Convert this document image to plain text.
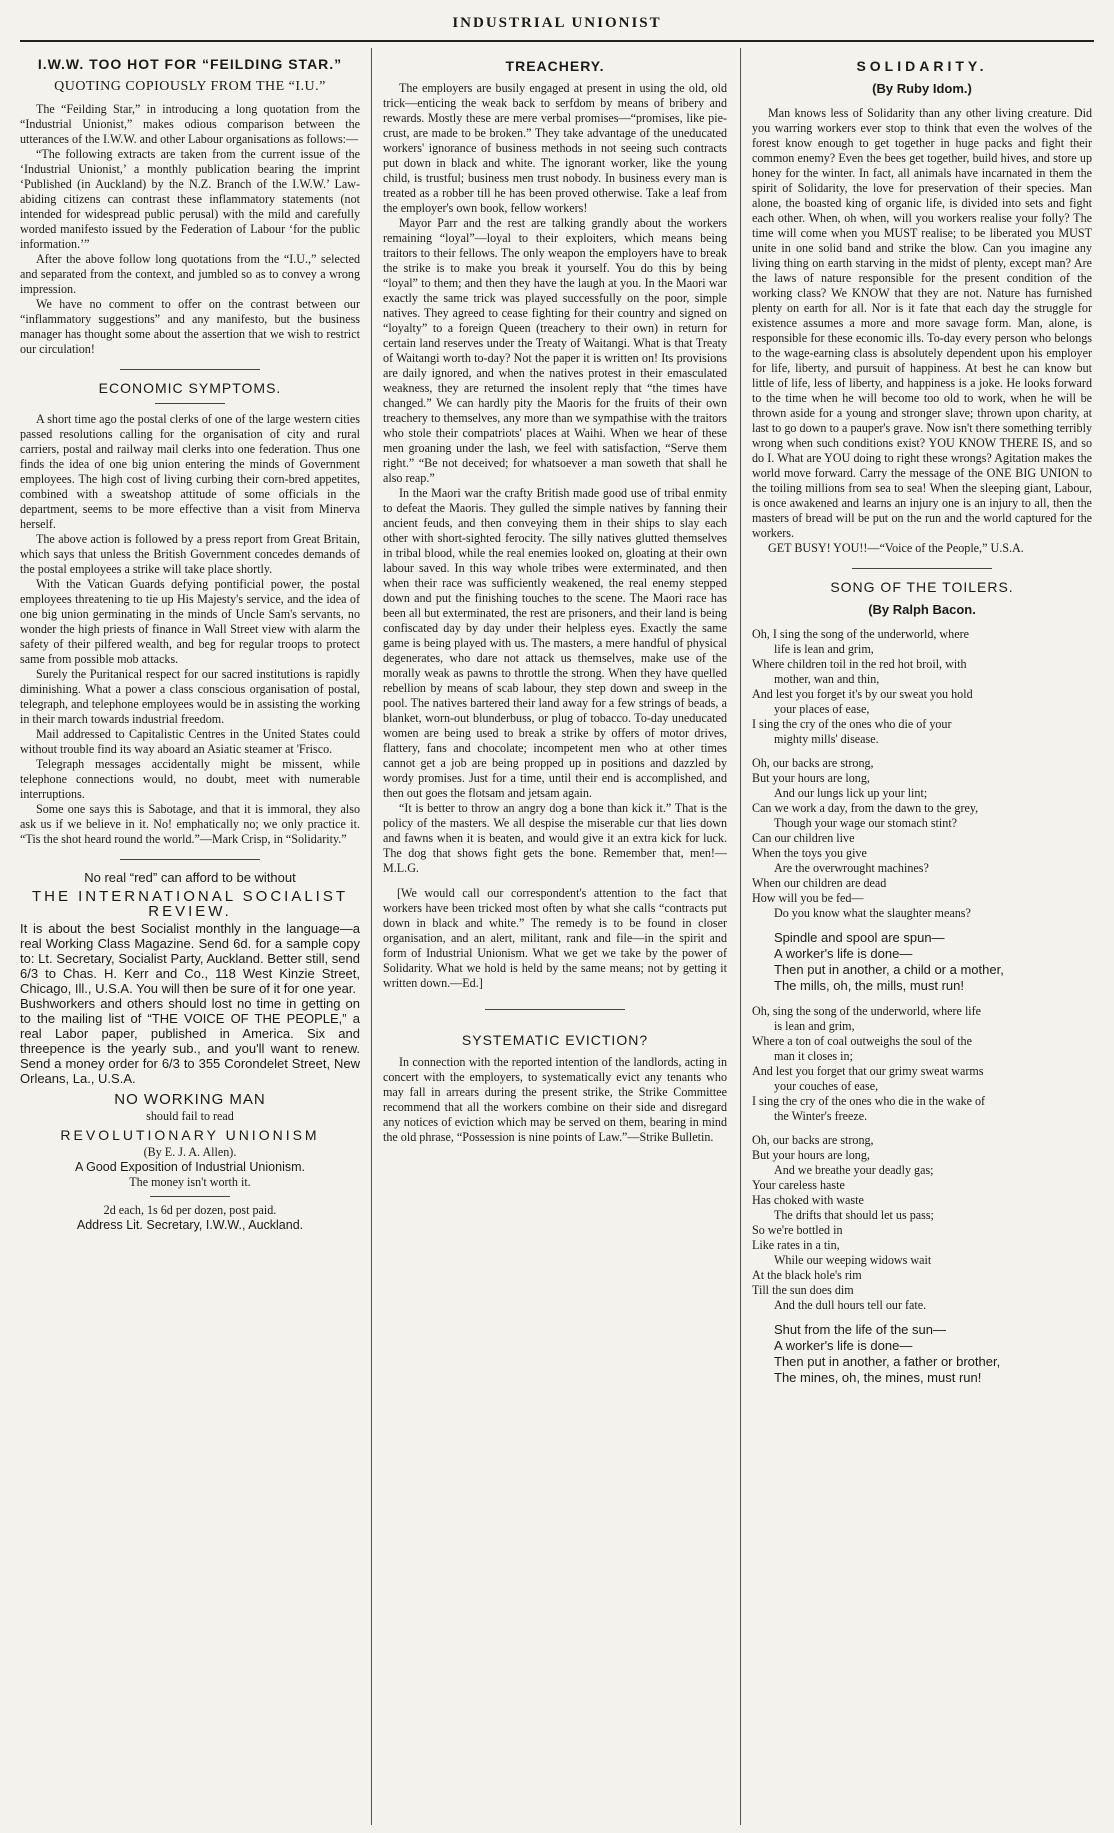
INDUSTRIAL UNIONIST
I.W.W. TOO HOT FOR “FEILDING STAR.”
QUOTING COPIOUSLY FROM THE “I.U.”

The “Feilding Star,” in introducing a long quotation from the “Industrial Unionist,” makes odious comparison between the utterances of the I.W.W. and other Labour organisations as follows:—

“The following extracts are taken from the current issue of the ‘Industrial Unionist,’ a monthly publication bearing the imprint ‘Published (in Auckland) by the N.Z. Branch of the I.W.W.’ Law-abiding citizens can contrast these inflammatory statements (not intended for widespread public perusal) with the mild and carefully worded manifesto issued by the Federation of Labour ‘for the public information.’”

After the above follow long quotations from the “I.U.,” selected and separated from the context, and jumbled so as to convey a wrong impression.

We have no comment to offer on the contrast between our “inflammatory suggestions” and any manifesto, but the business manager has thought some about the assertion that we wish to restrict our circulation!

ECONOMIC SYMPTOMS.

A short time ago the postal clerks of one of the large western cities passed resolutions calling for the organisation of city and rural carriers, postal and railway mail clerks into one federation. Thus one finds the idea of one big union entering the minds of Government employees. The high cost of living curbing their corn-bred appetites, combined with a sweatshop attitude of some officials in the department, seems to be more effective than a visit from Minerva herself.

The above action is followed by a press report from Great Britain, which says that unless the British Government concedes demands of the postal employees a strike will take place shortly.

With the Vatican Guards defying pontificial power, the postal employees threatening to tie up His Majesty's service, and the idea of one big union germinating in the minds of Uncle Sam's servants, no wonder the high priests of finance in Wall Street view with alarm the safety of their pilfered wealth, and beg for regular troops to protect same from possible mob attacks.

Surely the Puritanical respect for our sacred institutions is rapidly diminishing. What a power a class conscious organisation of postal, telegraph, and telephone employees would be in assisting the working in their march towards industrial freedom.

Mail addressed to Capitalistic Centres in the United States could without trouble find its way aboard an Asiatic steamer at 'Frisco.

Telegraph messages accidentally might be missent, while telephone connections would, no doubt, meet with numerable interruptions.

Some one says this is Sabotage, and that it is immoral, they also ask us if we believe in it. No! emphatically no; we only practice it. “Tis the shot heard round the world.”—Mark Crisp, in “Solidarity.”

No real “red” can afford to be without
THE INTERNATIONAL SOCIALIST REVIEW.

It is about the best Socialist monthly in the language—a real Working Class Magazine. Send 6d. for a sample copy to: Lt. Secretary, Socialist Party, Auckland. Better still, send 6/3 to Chas. H. Kerr and Co., 118 West Kinzie Street, Chicago, Ill., U.S.A. You will then be sure of it for one year.

Bushworkers and others should lost no time in getting on to the mailing list of “THE VOICE OF THE PEOPLE,” a real Labor paper, published in America. Six and threepence is the yearly sub., and you'll want to renew. Send a money order for 6/3 to 355 Corondelet Street, New Orleans, La., U.S.A.

NO WORKING MAN
should fail to read
REVOLUTIONARY UNIONISM
(By E. J. A. Allen).
A Good Exposition of Industrial Unionism.
The money isn't worth it.
2d each, 1s 6d per dozen, post paid.
Address Lit. Secretary, I.W.W., Auckland.
TREACHERY.

The employers are busily engaged at present in using the old, old trick—enticing the weak back to serfdom by means of bribery and rewards. Mostly these are mere verbal promises—“promises, like pie-crust, are made to be broken.” They take advantage of the uneducated workers' ignorance of business methods in not seeing such contracts put down in black and white. The ignorant worker, like the young child, is trustful; business men trust nobody. In business every man is treated as a robber till he has been proved otherwise. Take a leaf from the employer's own book, fellow workers!

Mayor Parr and the rest are talking grandly about the workers remaining “loyal”—loyal to their exploiters, which means being traitors to their fellows. The only weapon the employers have to break the strike is to make you break it yourself. You do this by being “loyal” to them; and then they have the laugh at you. In the Maori war exactly the same trick was played successfully on the poor, simple natives. They agreed to cease fighting for their country and signed on “loyalty” to a foreign Queen (treachery to their own) in return for certain land reserves under the Treaty of Waitangi. What is that Treaty of Waitangi worth to-day? Not the paper it is written on! Its provisions are daily ignored, and when the natives protest in their emasculated weakness, they are returned the insolent reply that “the times have changed.” We can hardly pity the Maoris for the fruits of their own treachery to themselves, any more than we sympathise with the traitors who stole their compatriots' places at Waihi. When we hear of these men groaning under the lash, we feel with satisfaction, “Serve them right.” “Be not deceived; for whatsoever a man soweth that shall he also reap.”

In the Maori war the crafty British made good use of tribal enmity to defeat the Maoris. They gulled the simple natives by fanning their ancient feuds, and then conveying them in their ships to slay each other with short-sighted ferocity. The silly natives glutted themselves in tribal blood, while the real enemies looked on, gloating at their own labour saved. In this way whole tribes were exterminated, and then when their race was sufficiently weakened, the real enemy stepped down and put the finishing touches to the scene. The Maori race has been all but exterminated, the rest are prisoners, and their land is being confiscated day by day under their helpless eyes. Exactly the same game is being played with us. The masters, a mere handful of physical degenerates, who dare not attack us themselves, make use of the morally weak as pawns to throttle the strong. When they have quelled rebellion by means of scab labour, they step down and sweep in the pool. The natives bartered their land away for a few strings of beads, a blanket, worn-out blunderbuss, or plug of tobacco. To-day uneducated women are being used to break a strike by offers of motor drives, flattery, fans and chocolate; incompetent men who at other times cannot get a job are being propped up in positions and dazzled by wordy promises. Just for a time, until their end is accomplished, and then out goes the flotsam and jetsam again.

“It is better to throw an angry dog a bone than kick it.” That is the policy of the masters. We all despise the miserable cur that lies down and fawns when it is beaten, and would give it an extra kick for luck. The dog that shows fight gets the bone. Remember that, men!—M.L.G.

[We would call our correspondent's attention to the fact that workers have been tricked most often by what she calls “contracts put down in black and white.” The remedy is to be found in closer organisation, and an alert, militant, rank and file—in the spirit and form of Industrial Unionism. What we get we take by the power of Solidarity. What we hold is held by the same means; not by getting it written down.—Ed.]

SYSTEMATIC EVICTION?

In connection with the reported intention of the landlords, acting in concert with the employers, to systematically evict any tenants who may fall in arrears during the present strike, the Strike Committee recommend that all the workers combine on their side and disregard any notices of eviction which may be served on them, bearing in mind the old phrase, “Possession is nine points of Law.”—Strike Bulletin.

SOLIDARITY.
(By Ruby Idom.)

Man knows less of Solidarity than any other living creature. Did you warring workers ever stop to think that even the wolves of the forest know enough to get together in huge packs and fight their common enemy? Even the bees get together, build hives, and store up honey for the winter. In fact, all animals have incarnated in them the spirit of Solidarity, the love for preservation of their species. Man alone, the boasted king of organic life, is divided into sets and fight each other. When, oh when, will you workers realise your folly? The time will come when you MUST realise; to be liberated you MUST unite in one solid band and strike the blow. Can you imagine any living thing on earth starving in the midst of plenty, except man? Are the laws of nature responsible for the present condition of the working class? We KNOW that they are not. Nature has furnished plenty on earth for all. Nor is it fate that each day the struggle for existence assumes a more and more savage form. Man, alone, is responsible for these economic ills. To-day every person who belongs to the wage-earning class is absolutely dependent upon his employer for life, liberty, and pursuit of happiness. At best he can know but little of life, less of liberty, and happiness is a joke. He looks forward to the time when he will become too old to work, when he will be thrown aside for a young and stronger slave; thrown upon charity, at last to go down to a pauper's grave. Now isn't there something terribly wrong when such conditions exist? YOU KNOW THERE IS, and so do I. What are YOU doing to right these wrongs? Agitation makes the world move forward. Carry the message of the ONE BIG UNION to the toiling millions from sea to sea! When the sleeping giant, Labour, is once awakened and learns an injury one is an injury to all, then the masters of bread will be put on the run and the world captured for the workers.

GET BUSY! YOU!!—“Voice of the People,” U.S.A.

SONG OF THE TOILERS.
(By Ralph Bacon.
Oh, I sing the song of the underworld, where
life is lean and grim,
Where children toil in the red hot broil, with
mother, wan and thin,
And lest you forget it's by our sweat you hold
your places of ease,
I sing the cry of the ones who die of your
mighty mills' disease.
Oh, our backs are strong,
But your hours are long,
And our lungs lick up your lint;
Can we work a day, from the dawn to the grey,
Though your wage our stomach stint?
Can our children live
When the toys you give
Are the overwrought machines?
When our children are dead
How will you be fed—
Do you know what the slaughter means?
Spindle and spool are spun—
A worker's life is done—
Then put in another, a child or a mother,
The mills, oh, the mills, must run!
Oh, sing the song of the underworld, where life
is lean and grim,
Where a ton of coal outweighs the soul of the
man it closes in;
And lest you forget that our grimy sweat warms
your couches of ease,
I sing the cry of the ones who die in the wake of
the Winter's freeze.
Oh, our backs are strong,
But your hours are long,
And we breathe your deadly gas;
Your careless haste
Has choked with waste
The drifts that should let us pass;
So we're bottled in
Like rates in a tin,
While our weeping widows wait
At the black hole's rim
Till the sun does dim
And the dull hours tell our fate.
Shut from the life of the sun—
A worker's life is done—
Then put in another, a father or brother,
The mines, oh, the mines, must run!
